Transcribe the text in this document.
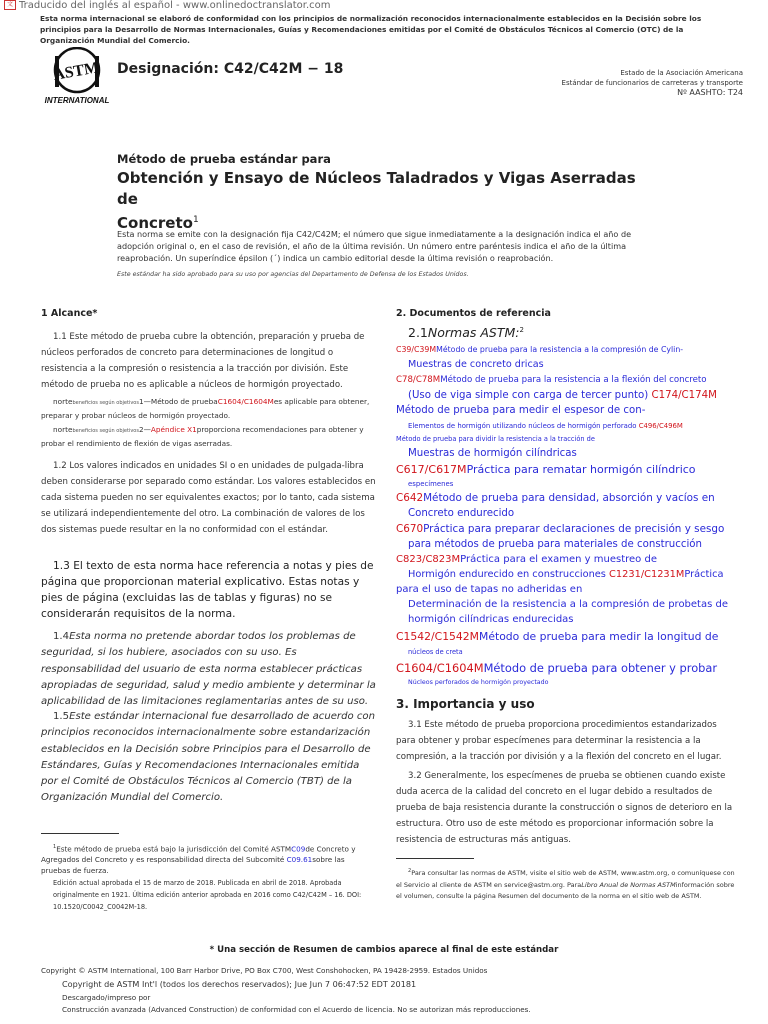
文 Traducido del inglés al español - www.onlinedoctranslator.com
Esta norma internacional se elaboró de conformidad con los principios de normalización reconocidos internacionalmente establecidos en la Decisión sobre los principios para la Desarrollo de Normas Internacionales, Guías y Recomendaciones emitidas por el Comité de Obstáculos Técnicos al Comercio (OTC) de la Organización Mundial del Comercio.
ASTM
INTERNATIONAL
Designación: C42/C42M − 18	Estado de la Asociación Americana
Estándar de funcionarios de carreteras y transporte
Nº AASHTO: T24
Método de prueba estándar para
Obtención y Ensayo de Núcleos Taladrados y Vigas Aserradas de
Concreto$^1$
Esta norma se emite con la designación fija C42/C42M; el número que sigue inmediatamente a la designación indica el año de adopción original o, en el caso de revisión, el año de la última revisión. Un número entre paréntesis indica el año de la última reaprobación. Un superíndice épsilon (´) indica un cambio editorial desde la última revisión o reaprobación.
Este estándar ha sido aprobado para su uso por agencias del Departamento de Defensa de los Estados Unidos.
1 Alcance*

1.1 Este método de prueba cubre la obtención, preparación y prueba de núcleos perforados de concreto para determinaciones de longitud o resistencia a la compresión o resistencia a la tracción por división. Este método de prueba no es aplicable a núcleos de hormigón proyectado.

nortebeneficios según objetivos1—Método de pruebaC1604/C1604Mes aplicable para obtener, preparar y probar núcleos de hormigón proyectado.
nortebeneficios según objetivos2—Apéndice X1proporciona recomendaciones para obtener y probar el rendimiento de flexión de vigas aserradas.

1.2 Los valores indicados en unidades SI o en unidades de pulgada-libra deben considerarse por separado como estándar. Los valores establecidos en cada sistema pueden no ser equivalentes exactos; por lo tanto, cada sistema se utilizará independientemente del otro. La combinación de valores de los dos sistemas puede resultar en la no conformidad con el estándar.

1.3 El texto de esta norma hace referencia a notas y pies de página que proporcionan material explicativo. Estas notas y pies de página (excluidas las de tablas y figuras) no se considerarán requisitos de la norma.

1.4Esta norma no pretende abordar todos los problemas de seguridad, si los hubiere, asociados con su uso. Es responsabilidad del usuario de esta norma establecer prácticas apropiadas de seguridad, salud y medio ambiente y determinar la aplicabilidad de las limitaciones reglamentarias antes de su uso.

1.5Este estándar internacional fue desarrollado de acuerdo con principios reconocidos internacionalmente sobre estandarización establecidos en la Decisión sobre Principios para el Desarrollo de Estándares, Guías y Recomendaciones Internacionales emitida por el Comité de Obstáculos Técnicos al Comercio (TBT) de la Organización Mundial del Comercio.

$^1$Este método de prueba está bajo la jurisdicción del Comité ASTMC09de Concreto y Agregados del Concreto y es responsabilidad directa del Subcomité C09.61sobre las pruebas de fuerza.
Edición actual aprobada el 15 de marzo de 2018. Publicada en abril de 2018. Aprobada originalmente en 1921. Última edición anterior aprobada en 2016 como C42/C42M – 16. DOI: 10.1520/C0042_C0042M-18.
2. Documentos de referencia
2.1Normas ASTM:$^2$
C39/C39MMétodo de prueba para la resistencia a la compresión de Cylin-
Muestras de concreto dricas
C78/C78MMétodo de prueba para la resistencia a la flexión del concreto
(Uso de viga simple con carga de tercer punto) C174/C174M
Método de prueba para medir el espesor de con-
Elementos de hormigón utilizando núcleos de hormigón perforado C496/C496M
Método de prueba para dividir la resistencia a la tracción de
Muestras de hormigón cilíndricas
C617/C617MPráctica para rematar hormigón cilíndrico
especímenes
C642Método de prueba para densidad, absorción y vacíos en
Concreto endurecido
C670Práctica para preparar declaraciones de precisión y sesgo
para métodos de prueba para materiales de construcción
C823/C823MPráctica para el examen y muestreo de
Hormigón endurecido en construcciones C1231/C1231MPráctica
para el uso de tapas no adheridas en
Determinación de la resistencia a la compresión de probetas de
hormigón cilíndricas endurecidas
C1542/C1542MMétodo de prueba para medir la longitud de
núcleos de creta
C1604/C1604MMétodo de prueba para obtener y probar
Núcleos perforados de hormigón proyectado
3. Importancia y uso

3.1 Este método de prueba proporciona procedimientos estandarizados para obtener y probar especímenes para determinar la resistencia a la compresión, a la tracción por división y a la flexión del concreto en el lugar.

3.2 Generalmente, los especímenes de prueba se obtienen cuando existe duda acerca de la calidad del concreto en el lugar debido a resultados de prueba de baja resistencia durante la construcción o signos de deterioro en la estructura. Otro uso de este método es proporcionar información sobre la resistencia de estructuras más antiguas.

$^2$Para consultar las normas de ASTM, visite el sitio web de ASTM, www.astm.org, o comuníquese con el Servicio al cliente de ASTM en service@astm.org. ParaLibro Anual de Normas ASTMinformación sobre el volumen, consulte la página Resumen del documento de la norma en el sitio web de ASTM.
* Una sección de Resumen de cambios aparece al final de este estándar
Copyright © ASTM International, 100 Barr Harbor Drive, PO Box C700, West Conshohocken, PA 19428-2959. Estados Unidos
Copyright de ASTM Int'l (todos los derechos reservados); Jue Jun 7 06:47:52 EDT 20181
Descargado/impreso por
Construcción avanzada (Advanced Construction) de conformidad con el Acuerdo de licencia. No se autorizan más reproducciones.
